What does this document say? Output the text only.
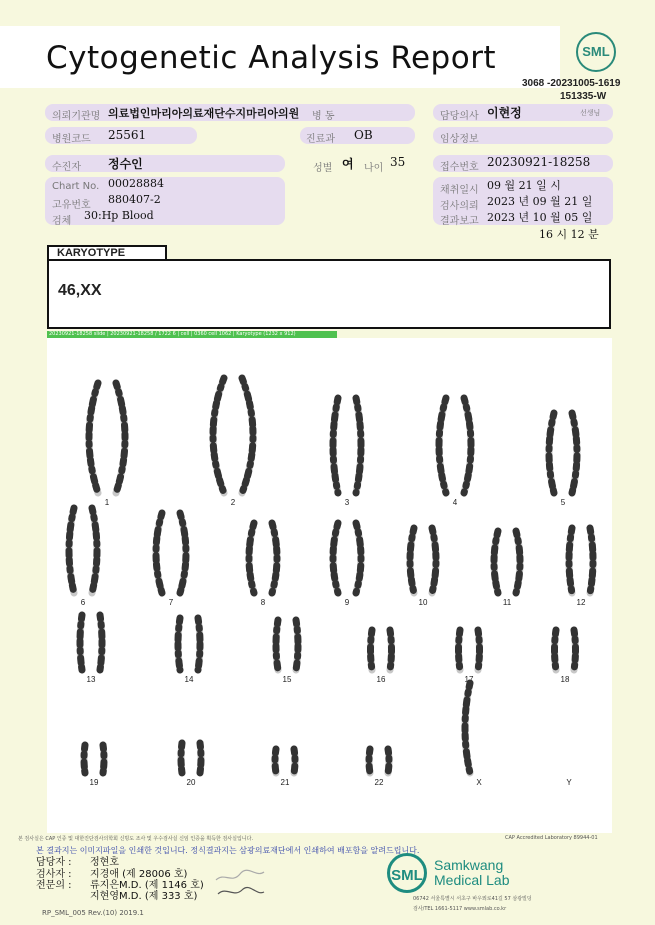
Cytogenetic Analysis Report	SML
3068 -20231005-1619
151335-W
의뢰기관명 의료법인마리아의료재단수지마리아의원 병 동	담당의사 이현정	선생님
병원코드 25561	진료과 OB	임상정보
수진자 정수인	성별 여 나이 35	접수번호 20230921-18258
Chart No. 00028884
고유번호 880407-2
검체 30:Hp Blood
채취일시 09 월 21 일 시
검사의뢰 2023 년 09 월 21 일
결과보고 2023 년 10 월 05 일
16 시 12 분
KARYOTYPE
46,XX
20230921-18258 slide | 20230921-18258 / 1722 6 | cell | 0360 cell 1062 | Karyotype (1232 x 912)
1	2	3	4	5
6	7	8	9	10	11	12
13	14	15	16	17	18
19	20	21	22	X	Y
본 검사실은 CAP 인증 및 대한진단검사의학회 신빙도 조사 및 우수검사실 신임 인증을 획득한 검사실입니다.	CAP Accredited Laboratory 89944-01
본 결과지는 이미지파일을 인쇄한 것입니다. 정식결과지는 삼광의료재단에서 인쇄하여 배포함을 알려드립니다.
담당자 : 정현호
검사자 : 지경애 (제 28006 호)
전문의 : 류지은M.D. (제 1146 호)
지현영M.D. (제 333 호)
RP_SML_005 Rev.(10) 2019.1
SML
Samkwang
Medical Lab
06742 서울특별시 서초구 바우뫼로41길 57 삼광빌딩
검사/TEL 1661-5117 www.smlab.co.kr
